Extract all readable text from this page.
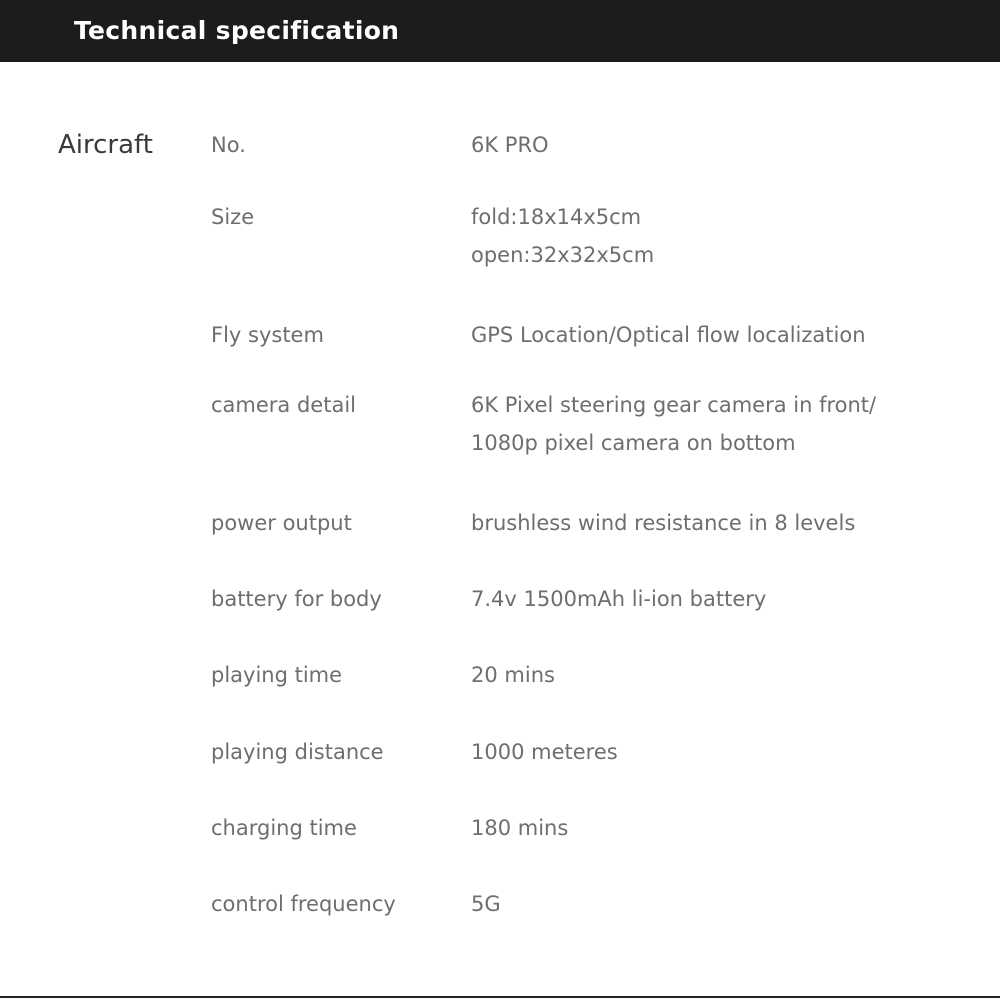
Technical specification
Aircraft	No.	6K PRO
Size	fold:18x14x5cm
open:32x32x5cm
Fly system	GPS Location/Optical flow localization
camera detail	6K Pixel steering gear camera in front/
1080p pixel camera on bottom
power output	brushless wind resistance in 8 levels
battery for body	7.4v 1500mAh li-ion battery
playing time	20 mins
playing distance	1000 meteres
charging time	180 mins
control frequency	5G
